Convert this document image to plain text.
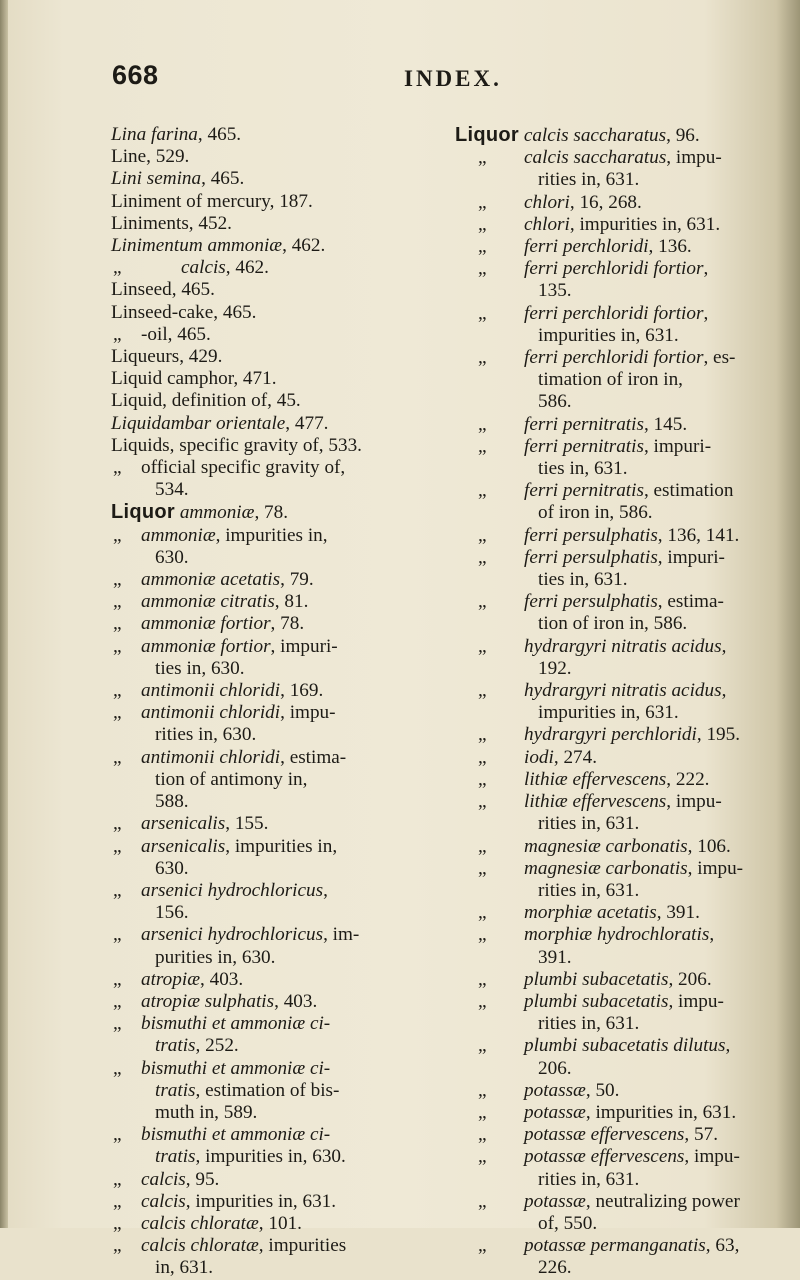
668	INDEX.
Lina farina, 465.
Line, 529.
Lini semina, 465.
Liniment of mercury, 187.
Liniments, 452.
Linimentum ammoniæ, 462.
„	calcis, 462.
Linseed, 465.
Linseed-cake, 465.
„ -oil, 465.
Liqueurs, 429.
Liquid camphor, 471.
Liquid, definition of, 45.
Liquidambar orientale, 477.
Liquids, specific gravity of, 533.
„ official specific gravity of,
534.
Liquor ammoniæ, 78.
„ ammoniæ, impurities in,
630.
„ ammoniæ acetatis, 79.
„ ammoniæ citratis, 81.
„ ammoniæ fortior, 78.
„ ammoniæ fortior, impuri-
ties in, 630.
„ antimonii chloridi, 169.
„ antimonii chloridi, impu-
rities in, 630.
„ antimonii chloridi, estima-
tion of antimony in,
588.
„ arsenicalis, 155.
„ arsenicalis, impurities in,
630.
„ arsenici hydrochloricus,
156.
„ arsenici hydrochloricus, im-
purities in, 630.
„ atropiæ, 403.
„ atropiæ sulphatis, 403.
„ bismuthi et ammoniæ ci-
tratis, 252.
„ bismuthi et ammoniæ ci-
tratis, estimation of bis-
muth in, 589.
„ bismuthi et ammoniæ ci-
tratis, impurities in, 630.
„ calcis, 95.
„ calcis, impurities in, 631.
„ calcis chloratæ, 101.
„ calcis chloratæ, impurities
in, 631.
Liquor calcis saccharatus, 96.
„ calcis saccharatus, impu-
rities in, 631.
„ chlori, 16, 268.
„ chlori, impurities in, 631.
„ ferri perchloridi, 136.
„ ferri perchloridi fortior,
135.
„ ferri perchloridi fortior,
impurities in, 631.
„ ferri perchloridi fortior, es-
timation of iron in,
586.
„ ferri pernitratis, 145.
„ ferri pernitratis, impuri-
ties in, 631.
„ ferri pernitratis, estimation
of iron in, 586.
„ ferri persulphatis, 136, 141.
„ ferri persulphatis, impuri-
ties in, 631.
„ ferri persulphatis, estima-
tion of iron in, 586.
„ hydrargyri nitratis acidus,
192.
„ hydrargyri nitratis acidus,
impurities in, 631.
„ hydrargyri perchloridi, 195.
„ iodi, 274.
„ lithiæ effervescens, 222.
„ lithiæ effervescens, impu-
rities in, 631.
„ magnesiæ carbonatis, 106.
„ magnesiæ carbonatis, impu-
rities in, 631.
„ morphiæ acetatis, 391.
„ morphiæ hydrochloratis,
391.
„ plumbi subacetatis, 206.
„ plumbi subacetatis, impu-
rities in, 631.
„ plumbi subacetatis dilutus,
206.
„ potassæ, 50.
„ potassæ, impurities in, 631.
„ potassæ effervescens, 57.
„ potassæ effervescens, impu-
rities in, 631.
„ potassæ, neutralizing power
of, 550.
„ potassæ permanganatis, 63,
226.
